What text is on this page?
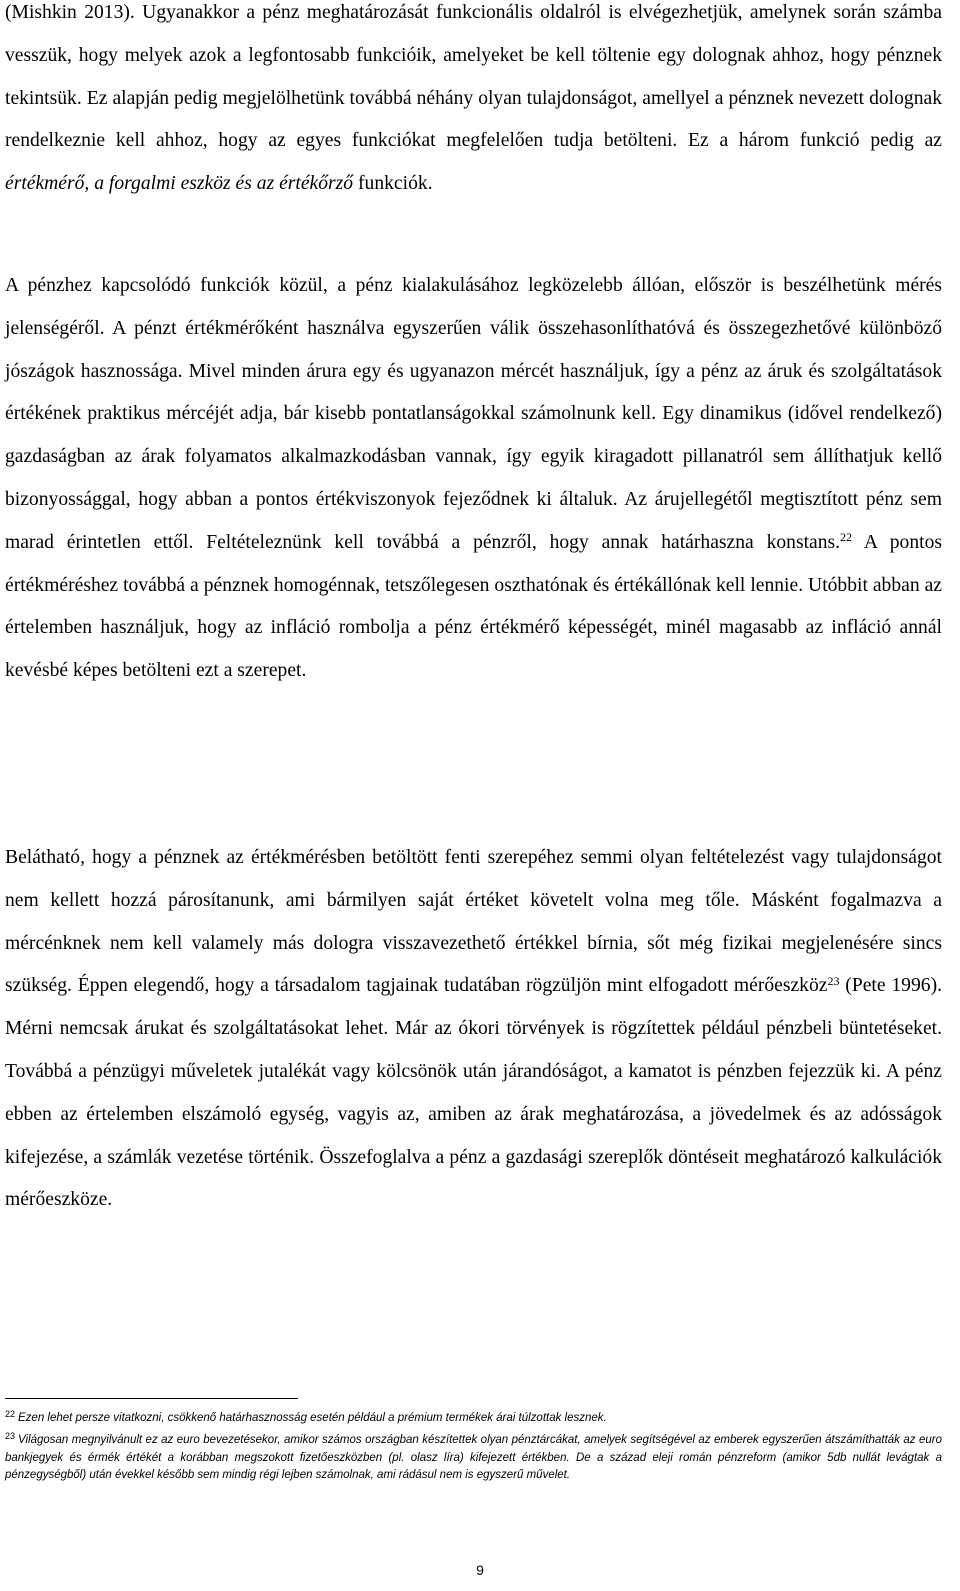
(Mishkin 2013). Ugyanakkor a pénz meghatározását funkcionális oldalról is elvégezhetjük, amelynek során számba vesszük, hogy melyek azok a legfontosabb funkcióik, amelyeket be kell töltenie egy dolognak ahhoz, hogy pénznek tekintsük. Ez alapján pedig megjelölhetünk továbbá néhány olyan tulajdonságot, amellyel a pénznek nevezett dolognak rendelkeznie kell ahhoz, hogy az egyes funkciókat megfelelően tudja betölteni. Ez a három funkció pedig az értékmérő, a forgalmi eszköz és az értékőrző funkciók.

A pénzhez kapcsolódó funkciók közül, a pénz kialakulásához legközelebb állóan, először is beszélhetünk mérés jelenségéről. A pénzt értékmérőként használva egyszerűen válik összehasonlíthatóvá és összegezhetővé különböző jószágok hasznossága. Mivel minden árura egy és ugyanazon mércét használjuk, így a pénz az áruk és szolgáltatások értékének praktikus mércéjét adja, bár kisebb pontatlanságokkal számolnunk kell. Egy dinamikus (idővel rendelkező) gazdaságban az árak folyamatos alkalmazkodásban vannak, így egyik kiragadott pillanatról sem állíthatjuk kellő bizonyossággal, hogy abban a pontos értékviszonyok fejeződnek ki általuk. Az árujellegétől megtisztított pénz sem marad érintetlen ettől. Feltételeznünk kell továbbá a pénzről, hogy annak határhaszna konstans.$^{22}$ A pontos értékméréshez továbbá a pénznek homogénnak, tetszőlegesen oszthatónak és értékállónak kell lennie. Utóbbit abban az értelemben használjuk, hogy az infláció rombolja a pénz értékmérő képességét, minél magasabb az infláció annál kevésbé képes betölteni ezt a szerepet.

Belátható, hogy a pénznek az értékmérésben betöltött fenti szerepéhez semmi olyan feltételezést vagy tulajdonságot nem kellett hozzá párosítanunk, ami bármilyen saját értéket követelt volna meg tőle. Másként fogalmazva a mércénknek nem kell valamely más dologra visszavezethető értékkel bírnia, sőt még fizikai megjelenésére sincs szükség. Éppen elegendő, hogy a társadalom tagjainak tudatában rögzüljön mint elfogadott mérőeszköz$^{23}$ (Pete 1996). Mérni nemcsak árukat és szolgáltatásokat lehet. Már az ókori törvények is rögzítettek például pénzbeli büntetéseket. Továbbá a pénzügyi műveletek jutalékát vagy kölcsönök után járandóságot, a kamatot is pénzben fejezzük ki. A pénz ebben az értelemben elszámoló egység, vagyis az, amiben az árak meghatározása, a jövedelmek és az adósságok kifejezése, a számlák vezetése történik. Összefoglalva a pénz a gazdasági szereplők döntéseit meghatározó kalkulációk mérőeszköze.

$^{22}$ Ezen lehet persze vitatkozni, csökkenő határhasznosság esetén például a prémium termékek árai túlzottak lesznek.

$^{23}$ Világosan megnyilvánult ez az euro bevezetésekor, amikor számos országban készítettek olyan pénztárcákat, amelyek segítségével az emberek egyszerűen átszámíthatták az euro bankjegyek és érmék értékét a korábban megszokott fizetőeszközben (pl. olasz líra) kifejezett értékben. De a század eleji román pénzreform (amikor 5db nullát levágtak a pénzegységből) után évekkel később sem mindig régi lejben számolnak, ami rádásul nem is egyszerű művelet.

9
